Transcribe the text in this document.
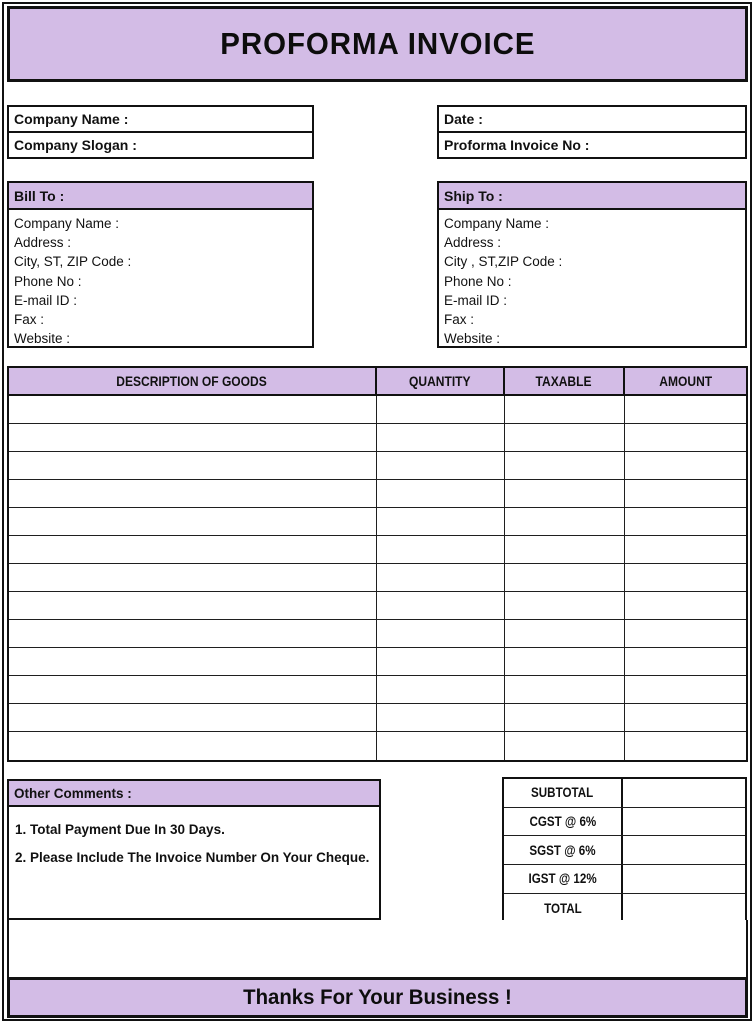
PROFORMA INVOICE
Company Name :
Company Slogan :
Date :
Proforma Invoice No :
Bill To :
Company Name :
Address :
City, ST, ZIP Code :
Phone No :
E-mail ID :
Fax :
Website :
Ship To :
Company Name :
Address :
City , ST,ZIP Code :
Phone No :
E-mail ID :
Fax :
Website :
DESCRIPTION OF GOODS	QUANTITY	TAXABLE	AMOUNT
Other Comments :
1. Total Payment Due In 30 Days.
2. Please Include The Invoice Number On Your Cheque.
SUBTOTAL
CGST @ 6%
SGST @ 6%
IGST @ 12%
TOTAL
Thanks For Your Business !
